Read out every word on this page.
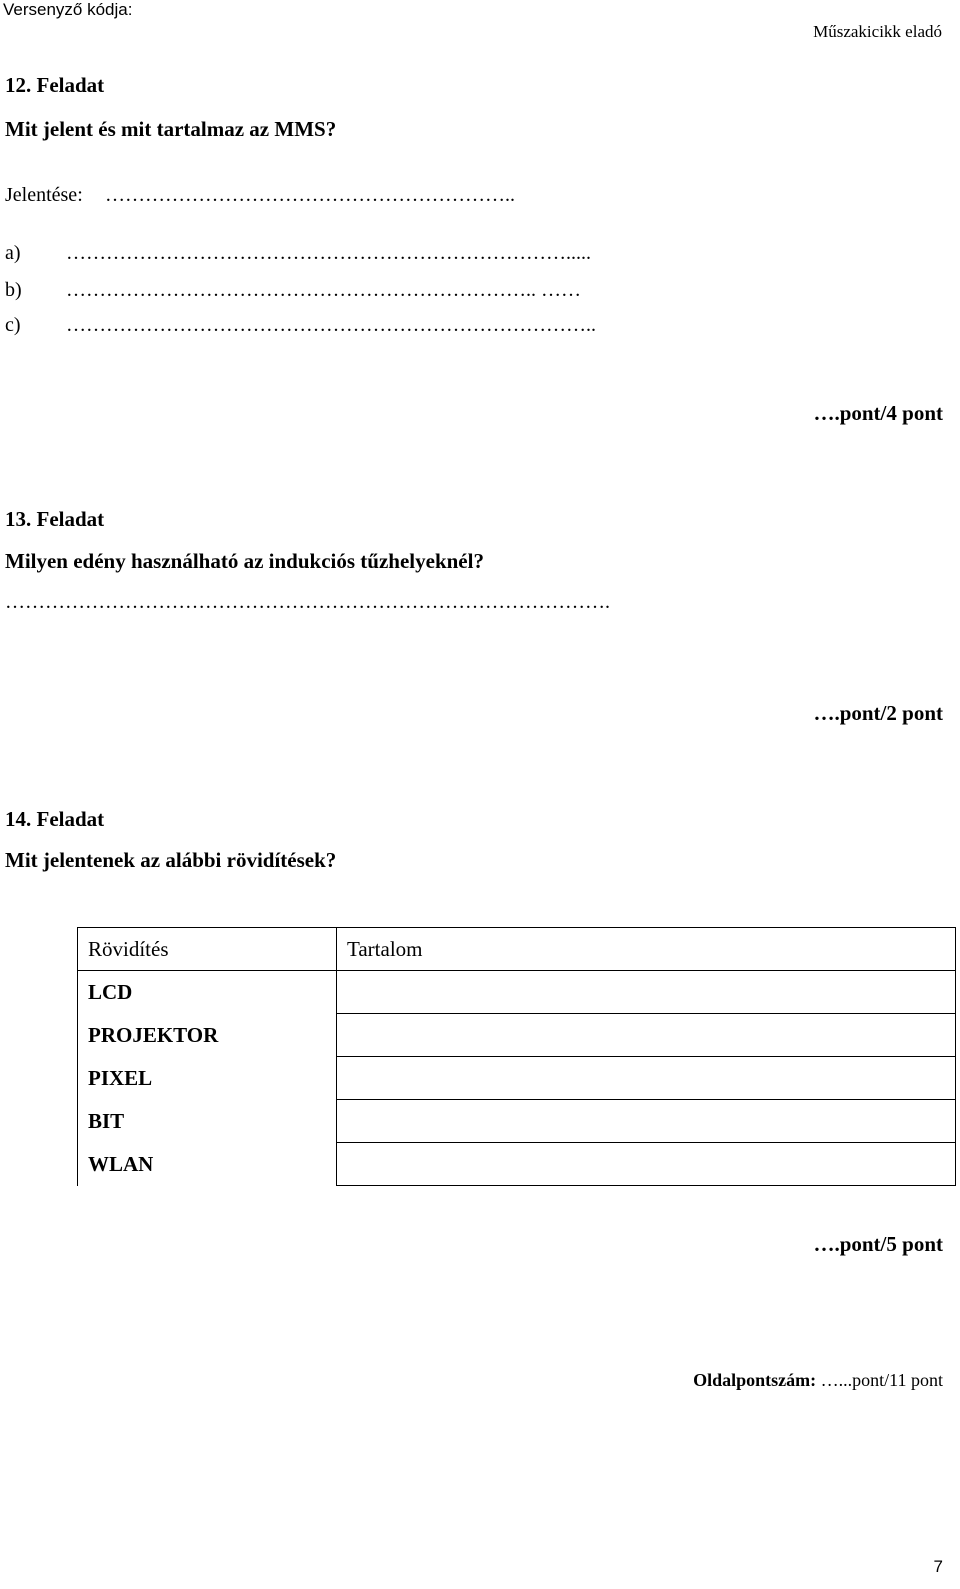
Versenyző kódja:
Műszakicikk eladó
12. Feladat
Mit jelent és mit tartalmaz az MMS?
Jelentése: ……………………………………………………..
a) ………………………………………………………………….....
b) …………………………………………………………….. ……
c) ……………………………………………………………………..
….pont/4 pont
13. Feladat
Milyen edény használható az indukciós tűzhelyeknél?
……………………………………………………………………………….
….pont/2 pont
14. Feladat
Mit jelentenek az alábbi rövidítések?
Rövidítés	Tartalom
LCD	
PROJEKTOR	
PIXEL	
BIT	
WLAN	
….pont/5 pont
Oldalpontszám: …...pont/11 pont
7
